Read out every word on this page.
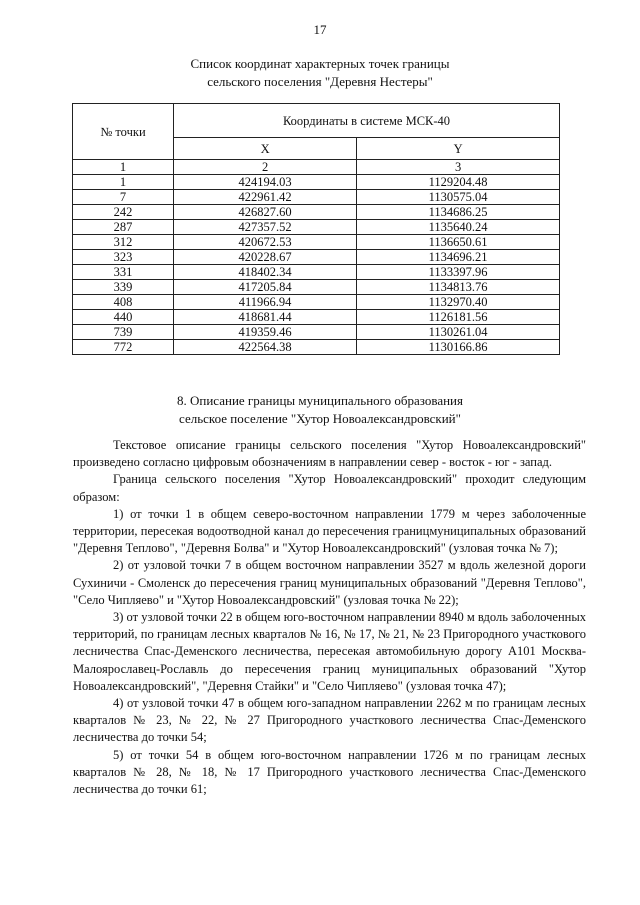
17
Список координат характерных точек границы
сельского поселения "Деревня Нестеры"
№ точки	Координаты в системе МСК-40	
	X	Y
1	2	3
1	424194.03	1129204.48
7	422961.42	1130575.04
242	426827.60	1134686.25
287	427357.52	1135640.24
312	420672.53	1136650.61
323	420228.67	1134696.21
331	418402.34	1133397.96
339	417205.84	1134813.76
408	411966.94	1132970.40
440	418681.44	1126181.56
739	419359.46	1130261.04
772	422564.38	1130166.86
8. Описание границы муниципального образования
сельское поселение "Хутор Новоалександровский"

Текстовое описание границы сельского поселения "Хутор Новоалександровский" произведено согласно цифровым обозначениям в направлении север - восток - юг - запад.

Граница сельского поселения "Хутор Новоалександровский" проходит следующим образом:

1) от точки 1 в общем северо-восточном направлении 1779 м через заболоченные территории, пересекая водоотводной канал до пересечения границмуниципальных образований "Деревня Теплово", "Деревня Болва" и "Хутор Новоалександровский" (узловая точка № 7);

2) от узловой точки 7 в общем восточном направлении 3527 м вдоль железной дороги Сухиничи - Смоленск до пересечения границ муниципальных образований "Деревня Теплово", "Село Чипляево" и "Хутор Новоалександровский" (узловая точка № 22);

3) от узловой точки 22 в общем юго-восточном направлении 8940 м вдоль заболоченных территорий, по границам лесных кварталов № 16, № 17, № 21, № 23 Пригородного участкового лесничества Спас-Деменского лесничества, пересекая автомобильную дорогу А101 Москва-Малоярославец-Рославль до пересечения границ муниципальных образований "Хутор Новоалександровский", "Деревня Стайки" и "Село Чипляево" (узловая точка 47);

4) от узловой точки 47 в общем юго-западном направлении 2262 м по границам лесных кварталов № 23, № 22, № 27 Пригородного участкового лесничества Спас-Деменского лесничества до точки 54;

5) от точки 54 в общем юго-восточном направлении 1726 м по границам лесных кварталов № 28, № 18, № 17 Пригородного участкового лесничества Спас-Деменского лесничества до точки 61;
